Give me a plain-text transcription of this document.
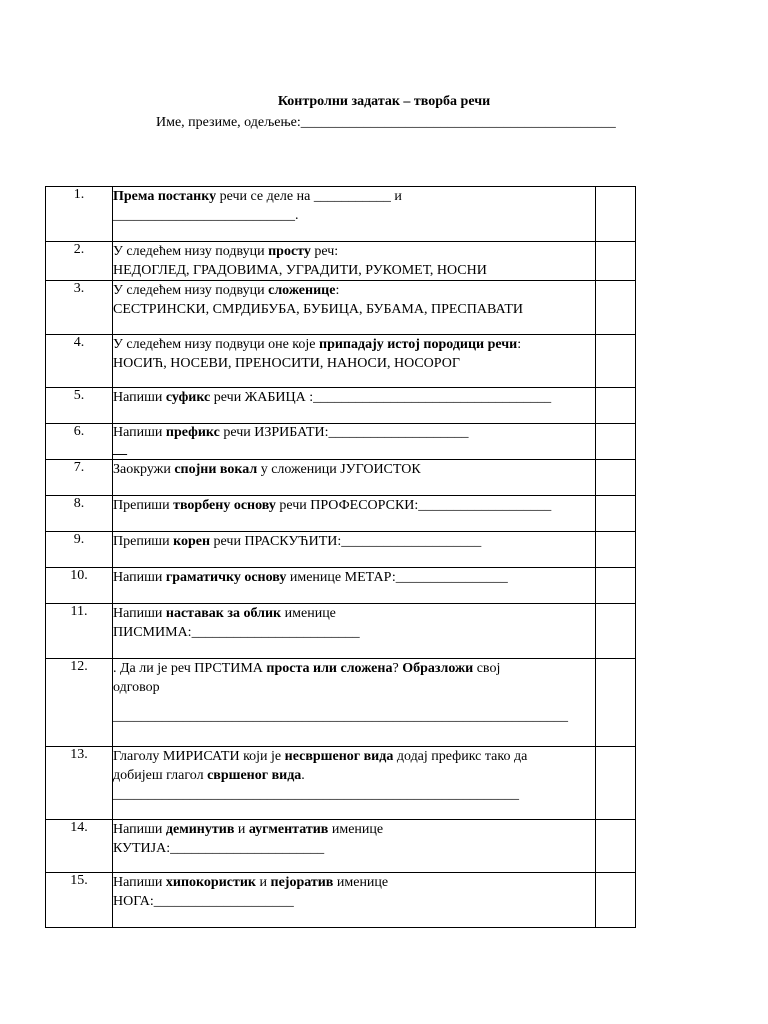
Контролни задатак – творба речи
Име, презиме, одељење:_____________________________________________
1.	Према постанку речи се деле на ___________ и
__________________________.	
2.	У следећем низу подвуци просту реч:
НЕДОГЛЕД, ГРАДОВИМА, УГРАДИТИ, РУКОМЕТ, НОСНИ	
3.	У следећем низу подвуци сложенице:
СЕСТРИНСКИ, СМРДИБУБА, БУБИЦА, БУБАМА, ПРЕСПАВАТИ	
4.	У следећем низу подвуци оне које припадају истој породици речи:
НОСИЋ, НОСЕВИ, ПРЕНОСИТИ, НАНОСИ, НОСОРОГ	
5.	Напиши суфикс речи ЖАБИЦА :__________________________________	
6.	Напиши префикс речи ИЗРИБАТИ:____________________
__	
7.	Заокружи спојни вокал у сложеници ЈУГОИСТОК	
8.	Препиши творбену основу речи ПРОФЕСОРСКИ:___________________	
9.	Препиши корен речи ПРАСКУЋИТИ:____________________	
10.	Напиши граматичку основу именице МЕТАР:________________	
11.	Напиши наставак за облик именице
ПИСМИМА:________________________	
12.	. Да ли је реч ПРСТИМА проста или сложена? Образложи свој
одговор
_________________________________________________________________	
13.	Глаголу МИРИСАТИ који је несвршеног вида додај префикс тако да
добијеш глагол свршеног вида.
__________________________________________________________	
14.	Напиши деминутив и аугментатив именице
КУТИЈА:______________________	
15.	Напиши хипокористик и пејоратив именице
НОГА:____________________	
